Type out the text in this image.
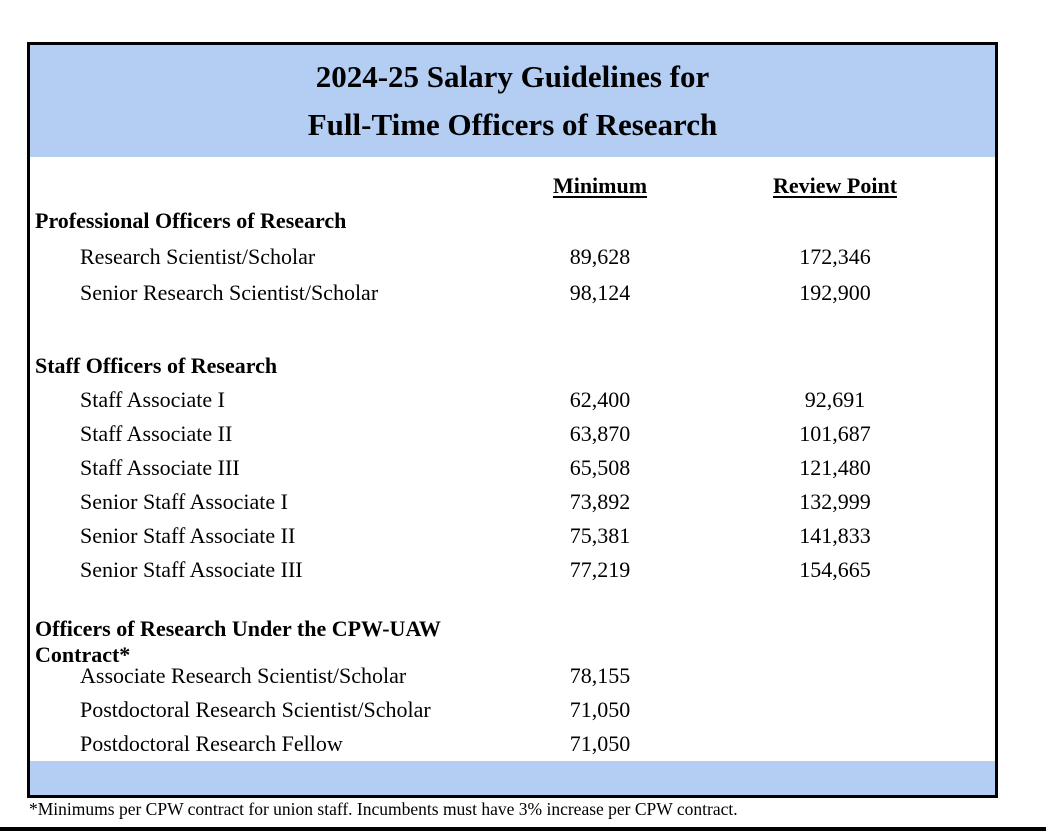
2024-25 Salary Guidelines for
Full-Time Officers of Research
Minimum	Review Point
Professional Officers of Research
Research Scientist/Scholar	89,628	172,346
Senior Research Scientist/Scholar	98,124	192,900
Staff Officers of Research
Staff Associate I	62,400	92,691
Staff Associate II	63,870	101,687
Staff Associate III	65,508	121,480
Senior Staff Associate I	73,892	132,999
Senior Staff Associate II	75,381	141,833
Senior Staff Associate III	77,219	154,665
Officers of Research Under the CPW-UAW Contract*
Associate Research Scientist/Scholar	78,155
Postdoctoral Research Scientist/Scholar	71,050
Postdoctoral Research Fellow	71,050
*Minimums per CPW contract for union staff. Incumbents must have 3% increase per CPW contract.
